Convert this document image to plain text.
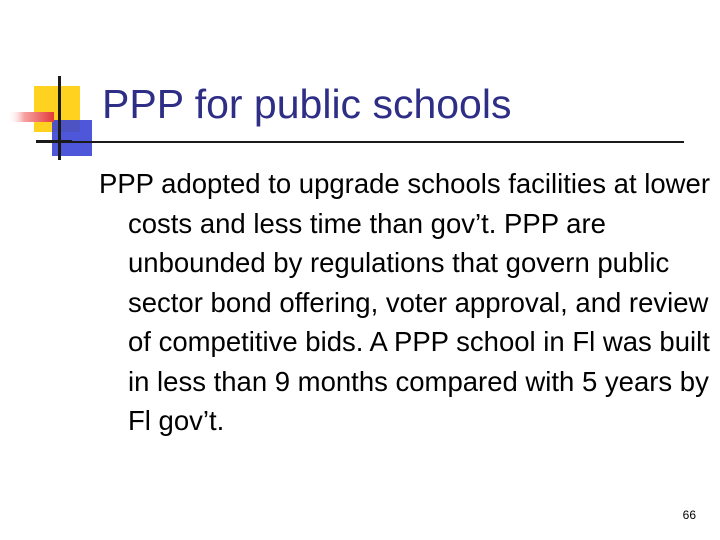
PPP for public schools

PPP adopted to upgrade schools facilities at lower costs and less time than gov’t. PPP are unbounded by regulations that govern public sector bond offering, voter approval, and review of competitive bids. A PPP school in Fl was built in less than 9 months compared with 5 years by Fl gov’t.

66
